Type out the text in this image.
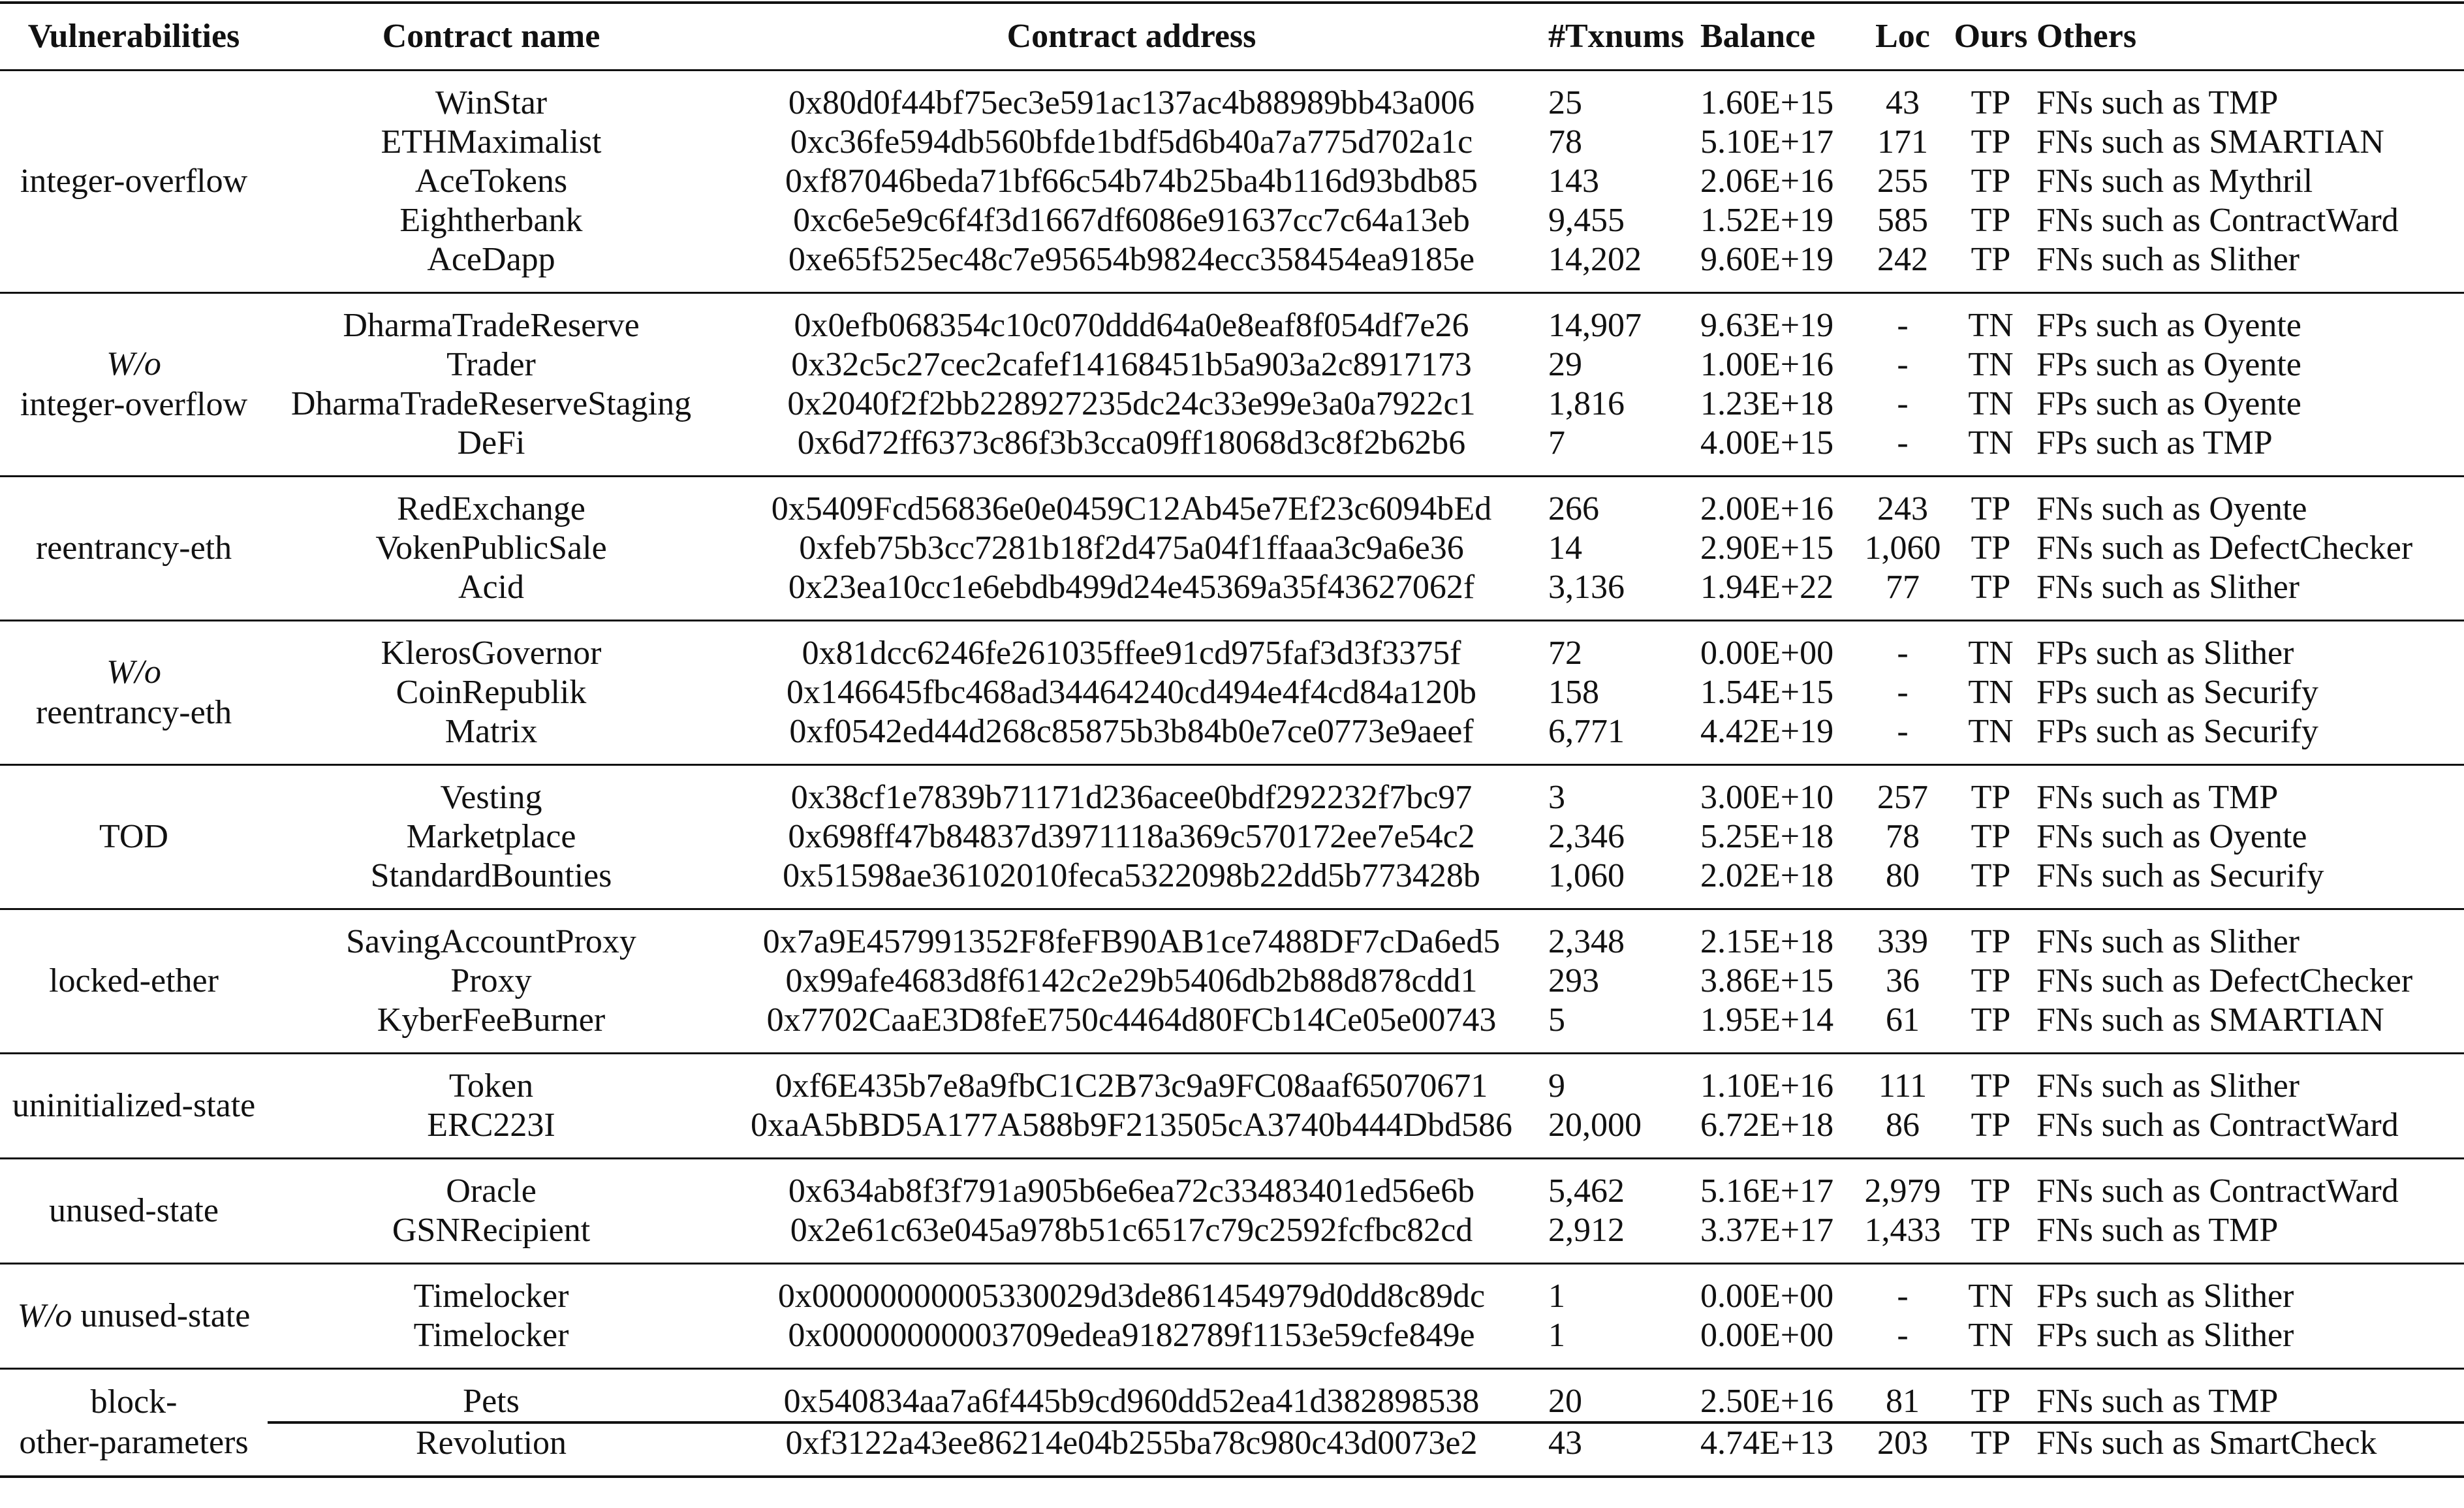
Vulnerabilities	Contract name	Contract address	#Txnums	Balance	Loc	Ours	Others
integer-overflow	WinStar	0x80d0f44bf75ec3e591ac137ac4b88989bb43a006	25	1.60E+15	43	TP	FNs such as TMP
	ETHMaximalist	0xc36fe594db560bfde1bdf5d6b40a7a775d702a1c	78	5.10E+17	171	TP	FNs such as SMARTIAN
	AceTokens	0xf87046beda71bf66c54b74b25ba4b116d93bdb85	143	2.06E+16	255	TP	FNs such as Mythril
	Eightherbank	0xc6e5e9c6f4f3d1667df6086e91637cc7c64a13eb	9,455	1.52E+19	585	TP	FNs such as ContractWard
	AceDapp	0xe65f525ec48c7e95654b9824ecc358454ea9185e	14,202	9.60E+19	242	TP	FNs such as Slither
W/o
integer-overflow	DharmaTradeReserve	0x0efb068354c10c070ddd64a0e8eaf8f054df7e26	14,907	9.63E+19	-	TN	FPs such as Oyente
	Trader	0x32c5c27cec2cafef14168451b5a903a2c8917173	29	1.00E+16	-	TN	FPs such as Oyente
	DharmaTradeReserveStaging	0x2040f2f2bb228927235dc24c33e99e3a0a7922c1	1,816	1.23E+18	-	TN	FPs such as Oyente
	DeFi	0x6d72ff6373c86f3b3cca09ff18068d3c8f2b62b6	7	4.00E+15	-	TN	FPs such as TMP
reentrancy-eth	RedExchange	0x5409Fcd56836e0e0459C12Ab45e7Ef23c6094bEd	266	2.00E+16	243	TP	FNs such as Oyente
	VokenPublicSale	0xfeb75b3cc7281b18f2d475a04f1ffaaa3c9a6e36	14	2.90E+15	1,060	TP	FNs such as DefectChecker
	Acid	0x23ea10cc1e6ebdb499d24e45369a35f43627062f	3,136	1.94E+22	77	TP	FNs such as Slither
W/o
reentrancy-eth	KlerosGovernor	0x81dcc6246fe261035ffee91cd975faf3d3f3375f	72	0.00E+00	-	TN	FPs such as Slither
	CoinRepublik	0x146645fbc468ad34464240cd494e4f4cd84a120b	158	1.54E+15	-	TN	FPs such as Securify
	Matrix	0xf0542ed44d268c85875b3b84b0e7ce0773e9aeef	6,771	4.42E+19	-	TN	FPs such as Securify
TOD	Vesting	0x38cf1e7839b71171d236acee0bdf292232f7bc97	3	3.00E+10	257	TP	FNs such as TMP
	Marketplace	0x698ff47b84837d3971118a369c570172ee7e54c2	2,346	5.25E+18	78	TP	FNs such as Oyente
	StandardBounties	0x51598ae36102010feca5322098b22dd5b773428b	1,060	2.02E+18	80	TP	FNs such as Securify
locked-ether	SavingAccountProxy	0x7a9E457991352F8feFB90AB1ce7488DF7cDa6ed5	2,348	2.15E+18	339	TP	FNs such as Slither
	Proxy	0x99afe4683d8f6142c2e29b5406db2b88d878cdd1	293	3.86E+15	36	TP	FNs such as DefectChecker
	KyberFeeBurner	0x7702CaaE3D8feE750c4464d80FCb14Ce05e00743	5	1.95E+14	61	TP	FNs such as SMARTIAN
uninitialized-state	Token	0xf6E435b7e8a9fbC1C2B73c9a9FC08aaf65070671	9	1.10E+16	111	TP	FNs such as Slither
	ERC223I	0xaA5bBD5A177A588b9F213505cA3740b444Dbd586	20,000	6.72E+18	86	TP	FNs such as ContractWard
unused-state	Oracle	0x634ab8f3f791a905b6e6ea72c33483401ed56e6b	5,462	5.16E+17	2,979	TP	FNs such as ContractWard
	GSNRecipient	0x2e61c63e045a978b51c6517c79c2592fcfbc82cd	2,912	3.37E+17	1,433	TP	FNs such as TMP
W/o unused-state	Timelocker	0x00000000005330029d3de861454979d0dd8c89dc	1	0.00E+00	-	TN	FPs such as Slither
	Timelocker	0x00000000003709edea9182789f1153e59cfe849e	1	0.00E+00	-	TN	FPs such as Slither
block-
other-parameters	Pets	0x540834aa7a6f445b9cd960dd52ea41d382898538	20	2.50E+16	81	TP	FNs such as TMP
	Revolution	0xf3122a43ee86214e04b255ba78c980c43d0073e2	43	4.74E+13	203	TP	FNs such as SmartCheck
